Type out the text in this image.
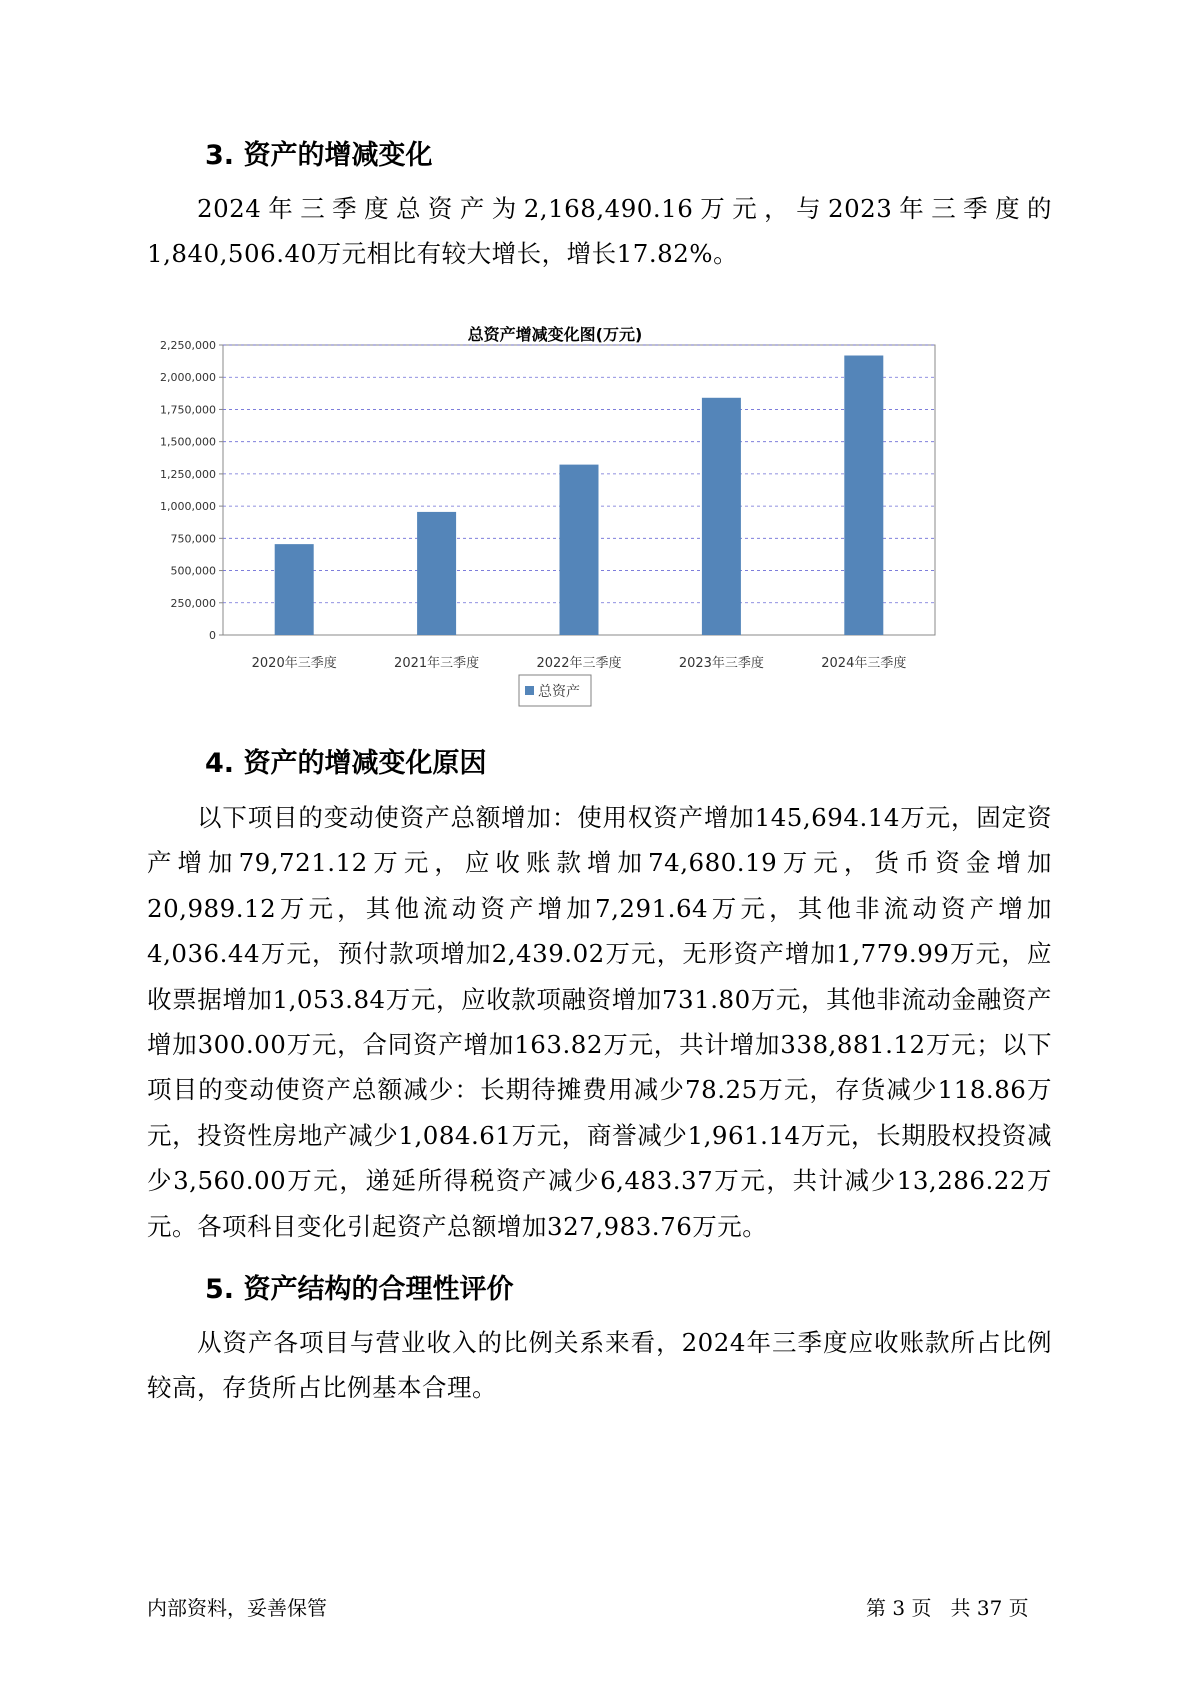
3. 资产的增减变化

2024年三季度总资产为2,168,490.16万元，与2023年三季度的1,840,506.40万元相比有较大增长，增长17.82%。

总资产增减变化图(万元)
0
250,000
500,000
750,000
1,000,000
1,250,000
1,500,000
1,750,000
2,000,000
2,250,000
2020年三季度	2021年三季度	2022年三季度	2023年三季度	2024年三季度
总资产
4. 资产的增减变化原因

以下项目的变动使资产总额增加：使用权资产增加145,694.14万元，固定资产增加79,721.12万元，应收账款增加74,680.19万元，货币资金增加20,989.12万元，其他流动资产增加7,291.64万元，其他非流动资产增加4,036.44万元，预付款项增加2,439.02万元，无形资产增加1,779.99万元，应收票据增加1,053.84万元，应收款项融资增加731.80万元，其他非流动金融资产增加300.00万元，合同资产增加163.82万元，共计增加338,881.12万元；以下项目的变动使资产总额减少：长期待摊费用减少78.25万元，存货减少118.86万元，投资性房地产减少1,084.61万元，商誉减少1,961.14万元，长期股权投资减少3,560.00万元，递延所得税资产减少6,483.37万元，共计减少13,286.22万元。各项科目变化引起资产总额增加327,983.76万元。

5. 资产结构的合理性评价

从资产各项目与营业收入的比例关系来看，2024年三季度应收账款所占比例较高，存货所占比例基本合理。

内部资料，妥善保管	第 3 页   共 37 页
